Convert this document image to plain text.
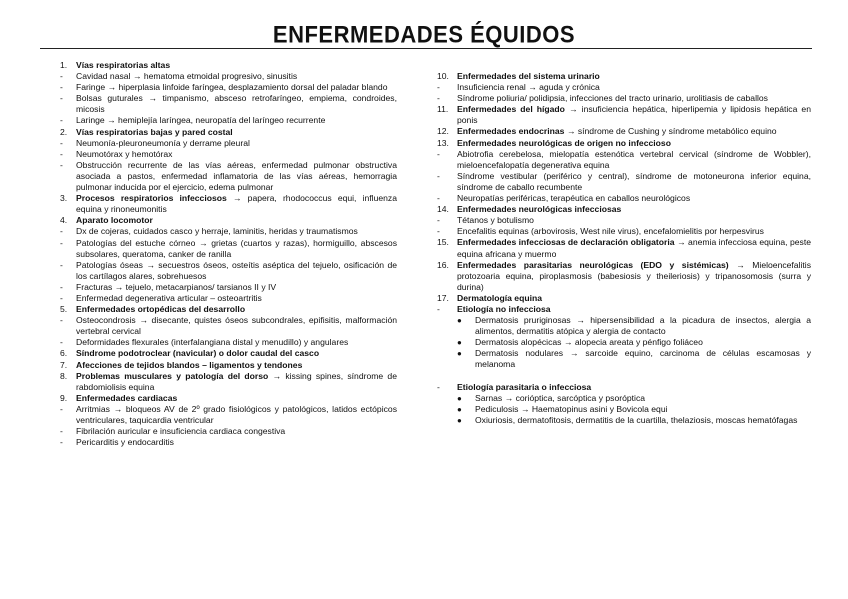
ENFERMEDADES ÉQUIDOS
1.	Vías respiratorias altas
-	Cavidad nasal → hematoma etmoidal progresivo, sinusitis
-	Faringe → hiperplasia linfoide faríngea, desplazamiento dorsal del paladar blando
-	Bolsas guturales → timpanismo, absceso retrofaríngeo, empiema, condroides, micosis
-	Laringe → hemiplejía laríngea, neuropatía del laríngeo recurrente
2.	Vías respiratorias bajas y pared costal
-	Neumonía-pleuroneumonía y derrame pleural
-	Neumotórax y hemotórax
-	Obstrucción recurrente de las vías aéreas, enfermedad pulmonar obstructiva asociada a pastos, enfermedad inflamatoria de las vías aéreas, hemorragia pulmonar inducida por el ejercicio, edema pulmonar
3.	Procesos respiratorios infecciosos → papera, rhodococcus equi, influenza equina y rinoneumonitis
4.	Aparato locomotor
-	Dx de cojeras, cuidados casco y herraje, laminitis, heridas y traumatismos
-	Patologías del estuche córneo → grietas (cuartos y razas), hormiguillo, abscesos subsolares, queratoma, canker de ranilla
-	Patologías óseas → secuestros óseos, osteítis aséptica del tejuelo, osificación de los cartílagos alares, sobrehuesos
-	Fracturas → tejuelo, metacarpianos/ tarsianos II y IV
-	Enfermedad degenerativa articular – osteoartritis
5.	Enfermedades ortopédicas del desarrollo
-	Osteocondrosis → disecante, quistes óseos subcondrales, epifisitis, malformación vertebral cervical
-	Deformidades flexurales (interfalangiana distal y menudillo) y angulares
6.	Síndrome podotroclear (navicular) o dolor caudal del casco
7.	Afecciones de tejidos blandos – ligamentos y tendones
8.	Problemas musculares y patología del dorso → kissing spines, síndrome de rabdomiolisis equina
9.	Enfermedades cardiacas
-	Arritmias → bloqueos AV de 2º grado fisiológicos y patológicos, latidos ectópicos ventriculares, taquicardia ventricular
-	Fibrilación auricular e insuficiencia cardiaca congestiva
-	Pericarditis y endocarditis
10. Enfermedades del sistema urinario
-	Insuficiencia renal → aguda y crónica
-	Síndrome poliuria/ polidipsia, infecciones del tracto urinario, urolitiasis de caballos
11.	Enfermedades del hígado → insuficiencia hepática, hiperlipemia y lipidosis hepática en ponis
12. Enfermedades endocrinas → síndrome de Cushing y síndrome metabólico equino
13. Enfermedades neurológicas de origen no infeccioso
-	Abiotrofia cerebelosa, mielopatía estenótica vertebral cervical (síndrome de Wobbler), mieloencefalopatía degenerativa equina
-	Síndrome vestibular (periférico y central), síndrome de motoneurona inferior equina, síndrome de caballo recumbente
-	Neuropatías periféricas, terapéutica en caballos neurológicos
14. Enfermedades neurológicas infecciosas
-	Tétanos y botulismo
-	Encefalitis equinas (arbovirosis, West nile virus), encefalomielitis por herpesvirus
15. Enfermedades infecciosas de declaración obligatoria → anemia infecciosa equina, peste equina africana y muermo
16. Enfermedades parasitarias neurológicas (EDO y sistémicas) → Mieloencefalitis protozoaria equina, piroplasmosis (babesiosis y theileriosis) y tripanosomosis (surra y durina)
17. Dermatología equina
-	Etiología no infecciosa
●	Dermatosis pruriginosas → hipersensibilidad a la picadura de insectos, alergia a alimentos, dermatitis atópica y alergia de contacto
●	Dermatosis alopécicas → alopecia areata y pénfigo foliáceo
●	Dermatosis nodulares → sarcoide equino, carcinoma de células escamosas y melanoma
-	Etiología parasitaria o infecciosa
●	Sarnas → corióptica, sarcóptica y psoróptica
●	Pediculosis → Haematopinus asini y Bovicola equi
●	Oxiuriosis, dermatofitosis, dermatitis de la cuartilla, thelaziosis, moscas hematófagas
